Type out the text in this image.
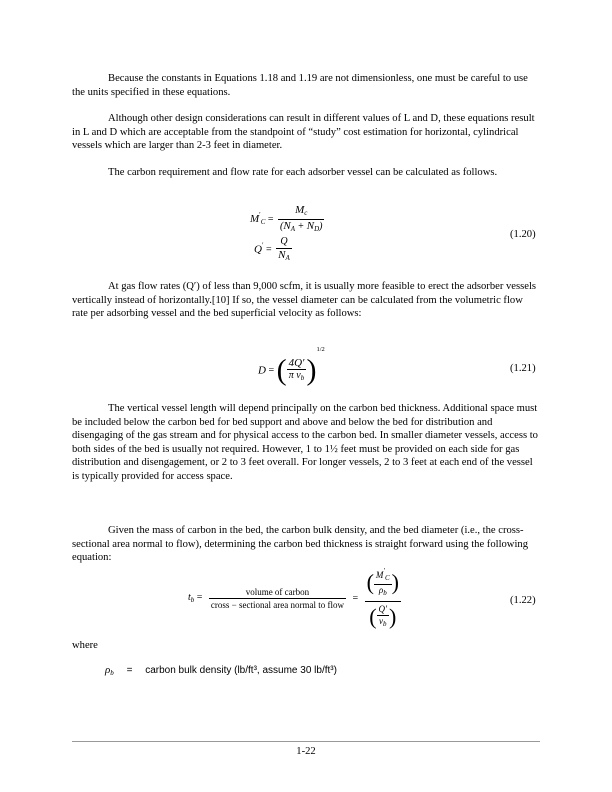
Because the constants in Equations 1.18 and 1.19 are not dimensionless, one must be careful to use the units specified in these equations.

Although other design considerations can result in different values of L and D, these equations result in L and D which are acceptable from the standpoint of “study” cost estimation for horizontal, cylindrical vessels which are larger than 2-3 feet in diameter.

The carbon requirement and flow rate for each adsorber vessel can be calculated as follows.

$M'_C = \frac{M_c}{(N_A + N_D)}$
$Q' = \frac{Q}{N_A}$
(1.20)

At gas flow rates (Q′) of less than 9,000 scfm, it is usually more feasible to erect the adsorber vessels vertically instead of horizontally.[10] If so, the vessel diameter can be calculated from the volumetric flow rate per adsorbing vessel and the bed superficial velocity as follows:

D = ( $\frac{4Q'}{\pi v_b} )^{1/2}$
(1.21)

The vertical vessel length will depend principally on the carbon bed thickness. Additional space must be included below the carbon bed for bed support and above and below the bed for distribution and disengaging of the gas stream and for physical access to the carbon bed. In smaller diameter vessels, access to both sides of the bed is usually not required. However, 1 to 1½ feet must be provided on each side for gas distribution and disengagement, or 2 to 3 feet overall. For longer vessels, 2 to 3 feet at each end of the vessel is typically provided for access space.

Given the mass of carbon in the bed, the carbon bulk density, and the bed diameter (i.e., the cross-sectional area normal to flow), determining the carbon bed thickness is straight forward using the following equation:

$t_b = \frac{\text{volume of carbon}}{\text{cross − sectional area normal to flow}} = \frac{( \frac{M'_C}{\rho_b} )}{( \frac{Q'}{v_b} )}$	(1.22)
where
$\rho_b$ = carbon bulk density (lb/ft³, assume 30 lb/ft³)
1-22
